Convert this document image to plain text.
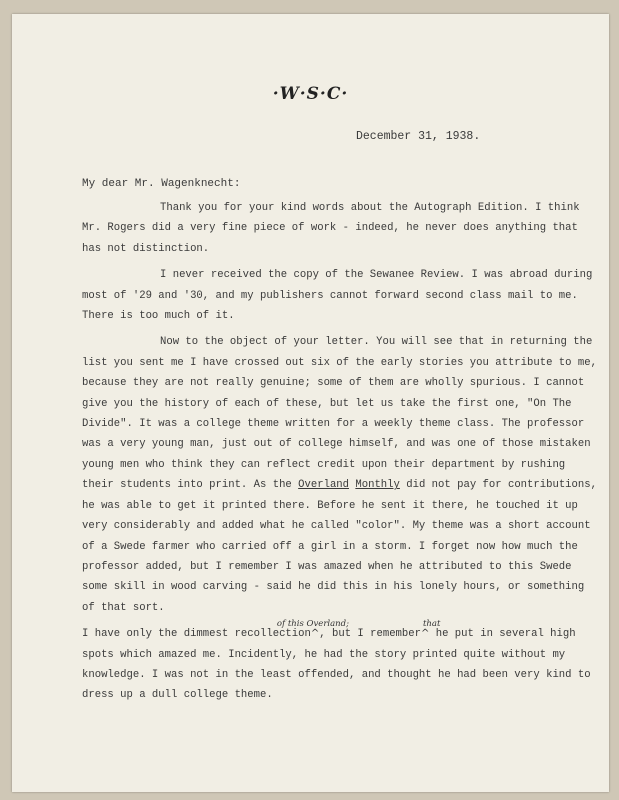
·W·S·C·
December 31, 1938.
My dear Mr. Wagenknecht:

Thank you for your kind words about the Autograph Edition. I think Mr. Rogers did a very fine piece of work - indeed, he never does anything that has not distinction.

I never received the copy of the Sewanee Review. I was abroad during most of '29 and '30, and my publishers cannot forward second class mail to me. There is too much of it.

Now to the object of your letter. You will see that in returning the list you sent me I have crossed out six of the early stories you attribute to me, because they are not really genuine; some of them are wholly spurious. I cannot give you the history of each of these, but let us take the first one, "On The Divide". It was a college theme written for a weekly theme class. The professor was a very young man, just out of college himself, and was one of those mistaken young men who think they can reflect credit upon their department by rushing their students into print. As the Overland Monthly did not pay for contributions, he was able to get it printed there. Before he sent it there, he touched it up very considerably and added what he called "color". My theme was a short account of a Swede farmer who carried off a girl in a storm. I forget now how much the professor added, but I remember I was amazed when he attributed to this Swede some skill in wood carving - said he did this in his lonely hours, or something of that sort.

I have only the dimmest recollection
of this Overland;
^, but I remember
that
^ he put in several high spots which amazed me. Incidently, he had the story printed quite without my knowledge. I was not in the least offended, and thought he had been very kind to dress up a dull college theme.
